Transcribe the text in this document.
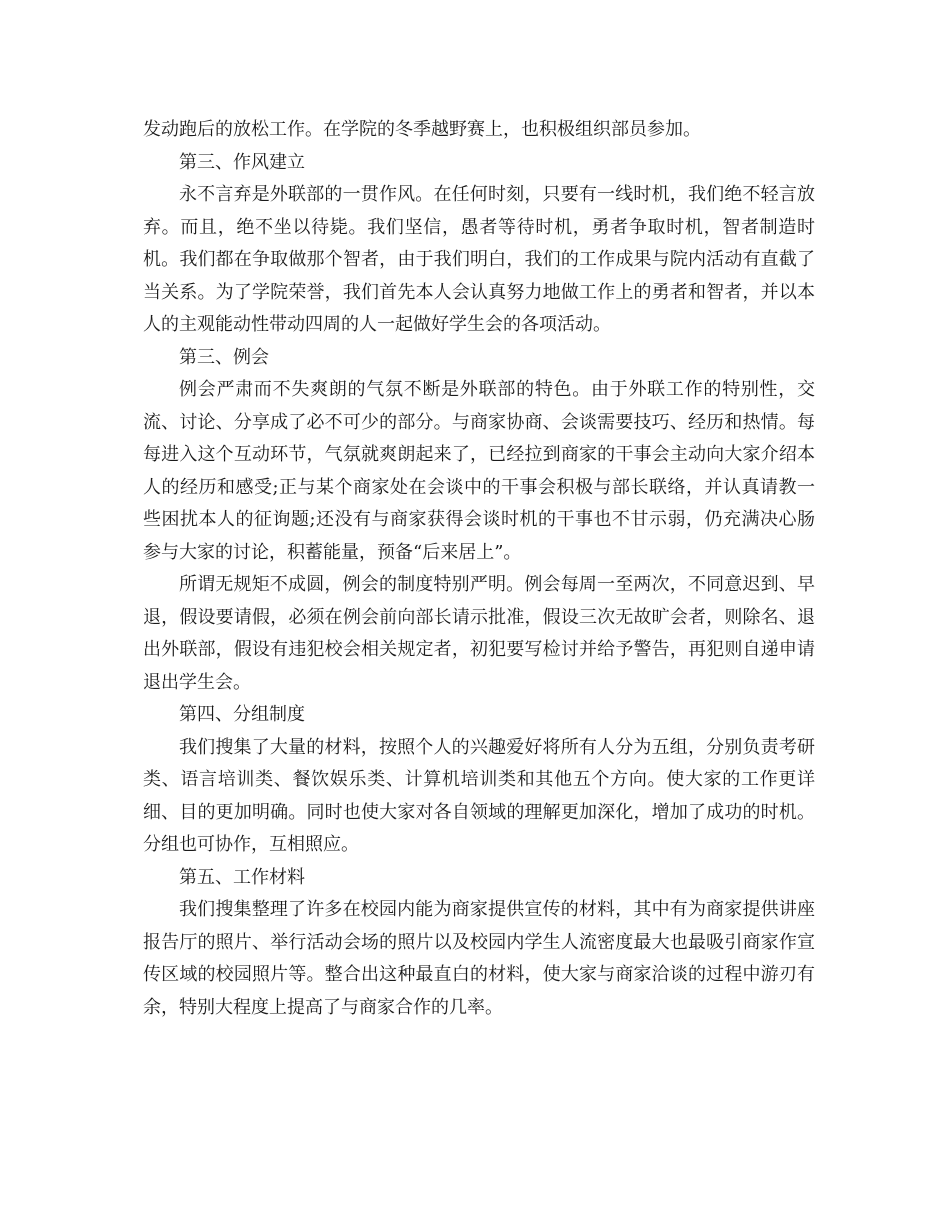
发动跑后的放松工作。在学院的冬季越野赛上，也积极组织部员参加。

第三、作风建立

永不言弃是外联部的一贯作风。在任何时刻，只要有一线时机，我们绝不轻言放弃。而且，绝不坐以待毙。我们坚信，愚者等待时机，勇者争取时机，智者制造时机。我们都在争取做那个智者，由于我们明白，我们的工作成果与院内活动有直截了当关系。为了学院荣誉，我们首先本人会认真努力地做工作上的勇者和智者，并以本人的主观能动性带动四周的人一起做好学生会的各项活动。

第三、例会

例会严肃而不失爽朗的气氛不断是外联部的特色。由于外联工作的特别性，交流、讨论、分享成了必不可少的部分。与商家协商、会谈需要技巧、经历和热情。每每进入这个互动环节，气氛就爽朗起来了，已经拉到商家的干事会主动向大家介绍本人的经历和感受;正与某个商家处在会谈中的干事会积极与部长联络，并认真请教一些困扰本人的征询题;还没有与商家获得会谈时机的干事也不甘示弱，仍充满决心肠参与大家的讨论，积蓄能量，预备“后来居上”。

所谓无规矩不成圆，例会的制度特别严明。例会每周一至两次，不同意迟到、早退，假设要请假，必须在例会前向部长请示批准，假设三次无故旷会者，则除名、退出外联部，假设有违犯校会相关规定者，初犯要写检讨并给予警告，再犯则自递申请退出学生会。

第四、分组制度

我们搜集了大量的材料，按照个人的兴趣爱好将所有人分为五组，分别负责考研类、语言培训类、餐饮娱乐类、计算机培训类和其他五个方向。使大家的工作更详细、目的更加明确。同时也使大家对各自领域的理解更加深化，增加了成功的时机。分组也可协作，互相照应。

第五、工作材料

我们搜集整理了许多在校园内能为商家提供宣传的材料，其中有为商家提供讲座报告厅的照片、举行活动会场的照片以及校园内学生人流密度最大也最吸引商家作宣传区域的校园照片等。整合出这种最直白的材料，使大家与商家洽谈的过程中游刃有余，特别大程度上提高了与商家合作的几率。
